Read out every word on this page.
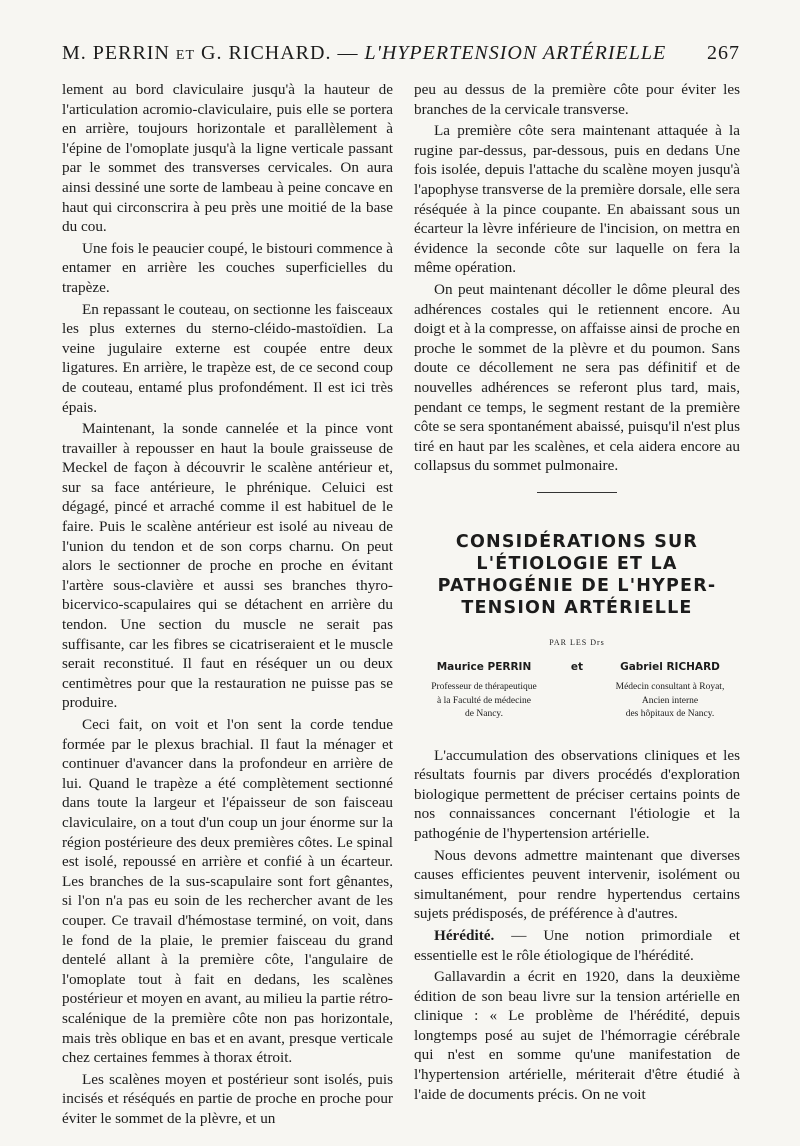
M. PERRIN et G. RICHARD. — L'HYPERTENSION ARTÉRIELLE 267

lement au bord claviculaire jusqu'à la hauteur de l'articulation acromio-claviculaire, puis elle se portera en arrière, toujours horizontale et parallèlement à l'épine de l'omoplate jusqu'à la ligne verticale passant par le sommet des transverses cervicales. On aura ainsi dessiné une sorte de lambeau à peine concave en haut qui circonscrira à peu près une moitié de la base du cou.

Une fois le peaucier coupé, le bistouri commence à entamer en arrière les couches superficielles du trapèze.

En repassant le couteau, on sectionne les faisceaux les plus externes du sterno-cléido-mastoïdien. La veine jugulaire externe est coupée entre deux ligatures. En arrière, le trapèze est, de ce second coup de couteau, entamé plus profondément. Il est ici très épais.

Maintenant, la sonde cannelée et la pince vont travailler à repousser en haut la boule graisseuse de Meckel de façon à découvrir le scalène antérieur et, sur sa face antérieure, le phrénique. Celuici est dégagé, pincé et arraché comme il est habituel de le faire. Puis le scalène antérieur est isolé au niveau de l'union du tendon et de son corps charnu. On peut alors le sectionner de proche en proche en évitant l'artère sous-clavière et aussi ses branches thyro-bicervico-scapulaires qui se détachent en arrière du tendon. Une section du muscle ne serait pas suffisante, car les fibres se cicatriseraient et le muscle serait reconstitué. Il faut en réséquer un ou deux centimètres pour que la restauration ne puisse pas se produire.

Ceci fait, on voit et l'on sent la corde tendue formée par le plexus brachial. Il faut la ménager et continuer d'avancer dans la profondeur en arrière de lui. Quand le trapèze a été complètement sectionné dans toute la largeur et l'épaisseur de son faisceau claviculaire, on a tout d'un coup un jour énorme sur la région postérieure des deux premières côtes. Le spinal est isolé, repoussé en arrière et confié à un écarteur. Les branches de la sus-scapulaire sont fort gênantes, si l'on n'a pas eu soin de les rechercher avant de les couper. Ce travail d'hémostase terminé, on voit, dans le fond de la plaie, le premier faisceau du grand dentelé allant à la première côte, l'angulaire de l'omoplate tout à fait en dedans, les scalènes postérieur et moyen en avant, au milieu la partie rétro-scalénique de la première côte non pas horizontale, mais très oblique en bas et en avant, presque verticale chez certaines femmes à thorax étroit.

Les scalènes moyen et postérieur sont isolés, puis incisés et réséqués en partie de proche en proche pour éviter le sommet de la plèvre, et un

peu au dessus de la première côte pour éviter les branches de la cervicale transverse.

La première côte sera maintenant attaquée à la rugine par-dessus, par-dessous, puis en dedans Une fois isolée, depuis l'attache du scalène moyen jusqu'à l'apophyse transverse de la première dorsale, elle sera réséquée à la pince coupante. En abaissant sous un écarteur la lèvre inférieure de l'incision, on mettra en évidence la seconde côte sur laquelle on fera la même opération.

On peut maintenant décoller le dôme pleural des adhérences costales qui le retiennent encore. Au doigt et à la compresse, on affaisse ainsi de proche en proche le sommet de la plèvre et du poumon. Sans doute ce décollement ne sera pas définitif et de nouvelles adhérences se referont plus tard, mais, pendant ce temps, le segment restant de la première côte se sera spontanément abaissé, puisqu'il n'est plus tiré en haut par les scalènes, et cela aidera encore au collapsus du sommet pulmonaire.

CONSIDÉRATIONS SUR
L'ÉTIOLOGIE ET LA
PATHOGÉNIE DE L'HYPER-
TENSION ARTÉRIELLE
PAR LES Drs
Maurice PERRIN
Professeur de thérapeutique
à la Faculté de médecine
de Nancy.
et	Gabriel RICHARD
Médecin consultant à Royat,
Ancien interne
des hôpitaux de Nancy.

L'accumulation des observations cliniques et les résultats fournis par divers procédés d'exploration biologique permettent de préciser certains points de nos connaissances concernant l'étiologie et la pathogénie de l'hypertension artérielle.

Nous devons admettre maintenant que diverses causes efficientes peuvent intervenir, isolément ou simultanément, pour rendre hypertendus certains sujets prédisposés, de préférence à d'autres.

Hérédité. — Une notion primordiale et essentielle est le rôle étiologique de l'hérédité.

Gallavardin a écrit en 1920, dans la deuxième édition de son beau livre sur la tension artérielle en clinique : « Le problème de l'hérédité, depuis longtemps posé au sujet de l'hémorragie cérébrale qui n'est en somme qu'une manifestation de l'hypertension artérielle, mériterait d'être étudié à l'aide de documents précis. On ne voit
